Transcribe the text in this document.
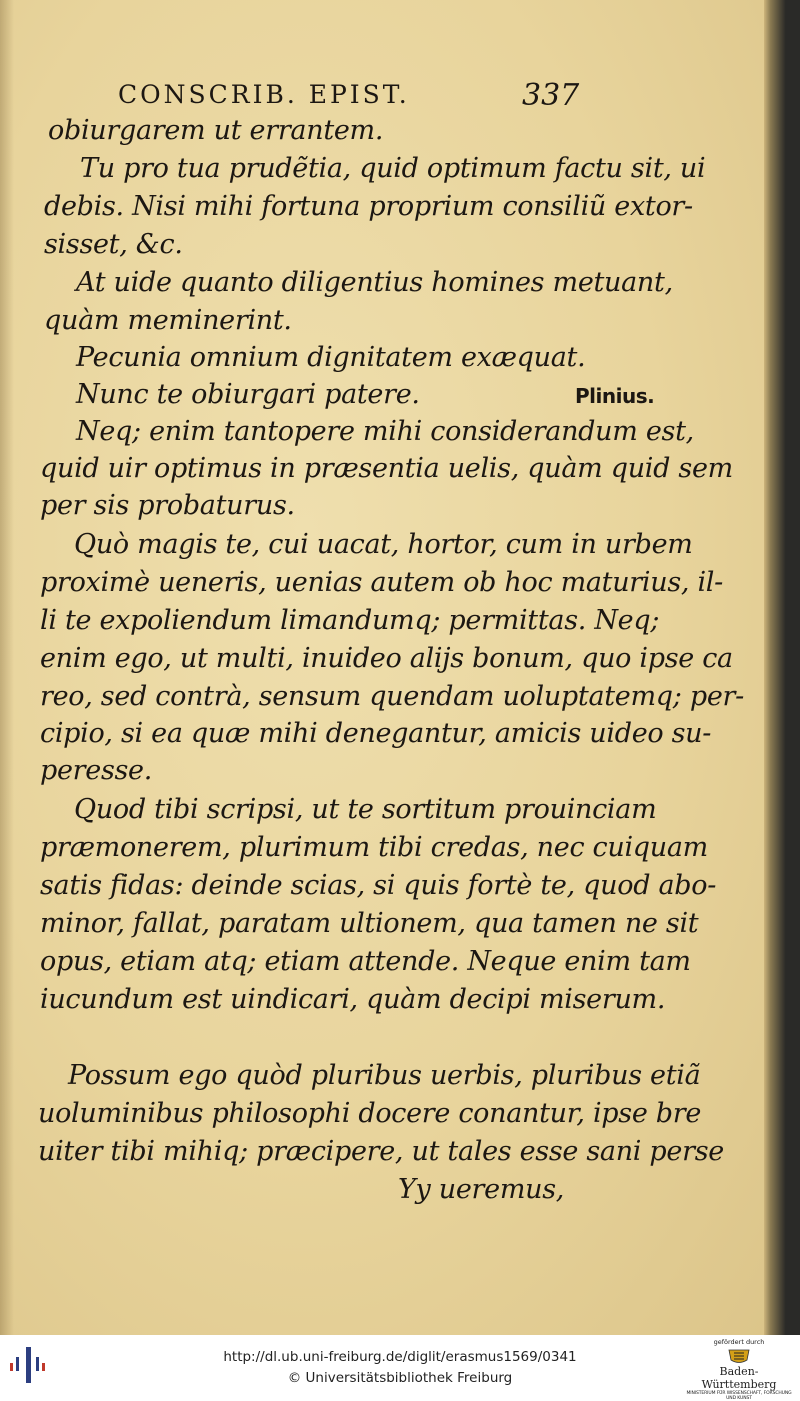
CONSCRIB. EPIST.	337
Plinius.
obiurgarem ut errantem.
Tu pro tua prudẽtia, quid optimum factu sit, ui
debis. Nisi mihi fortuna proprium consiliũ extor-
sisset, &c.
At uide quanto diligentius homines metuant,
quàm meminerint.
Pecunia omnium dignitatem exæquat.
Nunc te obiurgari patere.
Neq; enim tantopere mihi considerandum est,
quid uir optimus in præsentia uelis, quàm quid sem
per sis probaturus.
Quò magis te, cui uacat, hortor, cum in urbem
proximè ueneris, uenias autem ob hoc maturius, il-
li te expoliendum limandumq; permittas. Neq;
enim ego, ut multi, inuideo alijs bonum, quo ipse ca
reo, sed contrà, sensum quendam uoluptatemq; per-
cipio, si ea quæ mihi denegantur, amicis uideo su-
peresse.
Quod tibi scripsi, ut te sortitum prouinciam
præmonerem, plurimum tibi credas, nec cuiquam
satis fidas: deinde scias, si quis fortè te, quod abo-
minor, fallat, paratam ultionem, qua tamen ne sit
opus, etiam atq; etiam attende. Neque enim tam
iucundum est uindicari, quàm decipi miserum.
Possum ego quòd pluribus uerbis, pluribus etiã
uoluminibus philosophi docere conantur, ipse bre
uiter tibi mihiq; præcipere, ut tales esse sani perse
Yy ueremus,
http://dl.ub.uni-freiburg.de/diglit/erasmus1569/0341
© Universitätsbibliothek Freiburg
gefördert durch
Baden-Württemberg
MINISTERIUM FÜR WISSENSCHAFT, FORSCHUNG UND KUNST
